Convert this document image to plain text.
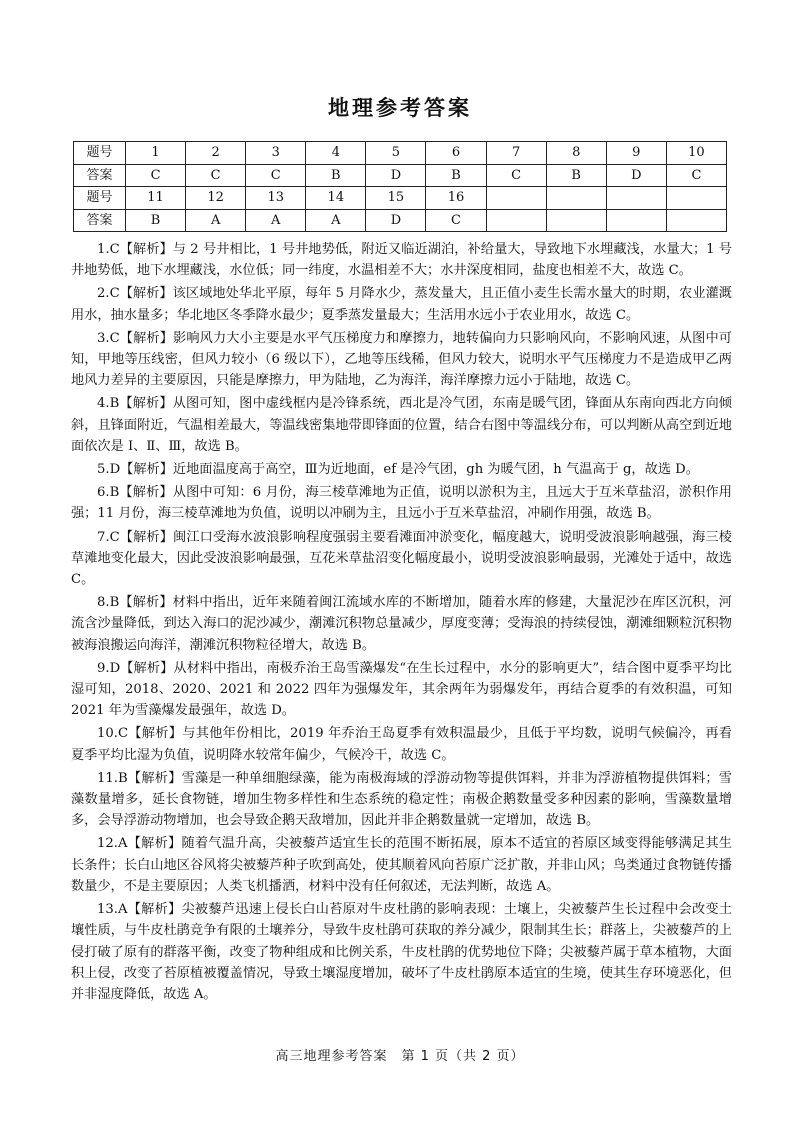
地理参考答案
题号	1	2	3	4	5	6	7	8	9	10
答案	C	C	C	B	D	B	C	B	D	C
题号	11	12	13	14	15	16				
答案	B	A	A	A	D	C				

1.C【解析】与 2 号井相比，1 号井地势低，附近又临近湖泊，补给量大，导致地下水埋藏浅，水量大；1 号井地势低，地下水埋藏浅，水位低；同一纬度，水温相差不大；水井深度相同，盐度也相差不大，故选 C。

2.C【解析】该区域地处华北平原，每年 5 月降水少，蒸发量大，且正值小麦生长需水量大的时期，农业灌溉用水，抽水量多；华北地区冬季降水最少；夏季蒸发量最大；生活用水远小于农业用水，故选 C。

3.C【解析】影响风力大小主要是水平气压梯度力和摩擦力，地转偏向力只影响风向，不影响风速，从图中可知，甲地等压线密，但风力较小（6 级以下），乙地等压线稀，但风力较大，说明水平气压梯度力不是造成甲乙两地风力差异的主要原因，只能是摩擦力，甲为陆地，乙为海洋，海洋摩擦力远小于陆地，故选 C。

4.B【解析】从图可知，图中虚线框内是冷锋系统，西北是冷气团，东南是暖气团，锋面从东南向西北方向倾斜，且锋面附近，气温相差最大，等温线密集地带即锋面的位置，结合右图中等温线分布，可以判断从高空到近地面依次是 Ⅰ、Ⅱ、Ⅲ，故选 B。

5.D【解析】近地面温度高于高空，Ⅲ为近地面，ef 是冷气团，gh 为暖气团，h 气温高于 g，故选 D。

6.B【解析】从图中可知：6 月份，海三棱草滩地为正值，说明以淤积为主，且远大于互米草盐沼，淤积作用强；11 月份，海三棱草滩地为负值，说明以冲刷为主，且远小于互米草盐沼，冲刷作用强，故选 B。

7.C【解析】闽江口受海水波浪影响程度强弱主要看滩面冲淤变化，幅度越大，说明受波浪影响越强，海三棱草滩地变化最大，因此受波浪影响最强，互花米草盐沼变化幅度最小，说明受波浪影响最弱，光滩处于适中，故选 C。

8.B【解析】材料中指出，近年来随着闽江流域水库的不断增加，随着水库的修建，大量泥沙在库区沉积，河流含沙量降低，到达入海口的泥沙减少，潮滩沉积物总量减少，厚度变薄；受海浪的持续侵蚀，潮滩细颗粒沉积物被海浪搬运向海洋，潮滩沉积物粒径增大，故选 B。

9.D【解析】从材料中指出，南极乔治王岛雪藻爆发“在生长过程中，水分的影响更大”，结合图中夏季平均比湿可知，2018、2020、2021 和 2022 四年为强爆发年，其余两年为弱爆发年，再结合夏季的有效积温，可知 2021 年为雪藻爆发最强年，故选 D。

10.C【解析】与其他年份相比，2019 年乔治王岛夏季有效积温最少，且低于平均数，说明气候偏冷，再看夏季平均比湿为负值，说明降水较常年偏少，气候冷干，故选 C。

11.B【解析】雪藻是一种单细胞绿藻，能为南极海域的浮游动物等提供饵料，并非为浮游植物提供饵料；雪藻数量增多，延长食物链，增加生物多样性和生态系统的稳定性；南极企鹅数量受多种因素的影响，雪藻数量增多，会导浮游动物增加，也会导致企鹅天敌增加，因此并非企鹅数量就一定增加，故选 B。

12.A【解析】随着气温升高，尖被藜芦适宜生长的范围不断拓展，原本不适宜的苔原区域变得能够满足其生长条件；长白山地区谷风将尖被藜芦种子吹到高处，使其顺着风向苔原广泛扩散，并非山风；鸟类通过食物链传播数量少，不是主要原因；人类飞机播洒，材料中没有任何叙述，无法判断，故选 A。

13.A【解析】尖被藜芦迅速上侵长白山苔原对牛皮杜鹃的影响表现：土壤上，尖被藜芦生长过程中会改变土壤性质，与牛皮杜鹃竞争有限的土壤养分，导致牛皮杜鹃可获取的养分减少，限制其生长；群落上，尖被藜芦的上侵打破了原有的群落平衡，改变了物种组成和比例关系，牛皮杜鹃的优势地位下降；尖被藜芦属于草本植物，大面积上侵，改变了苔原植被覆盖情况，导致土壤湿度增加，破坏了牛皮杜鹃原本适宜的生境，使其生存环境恶化，但并非湿度降低，故选 A。

高三地理参考答案　第 1 页（共 2 页）
